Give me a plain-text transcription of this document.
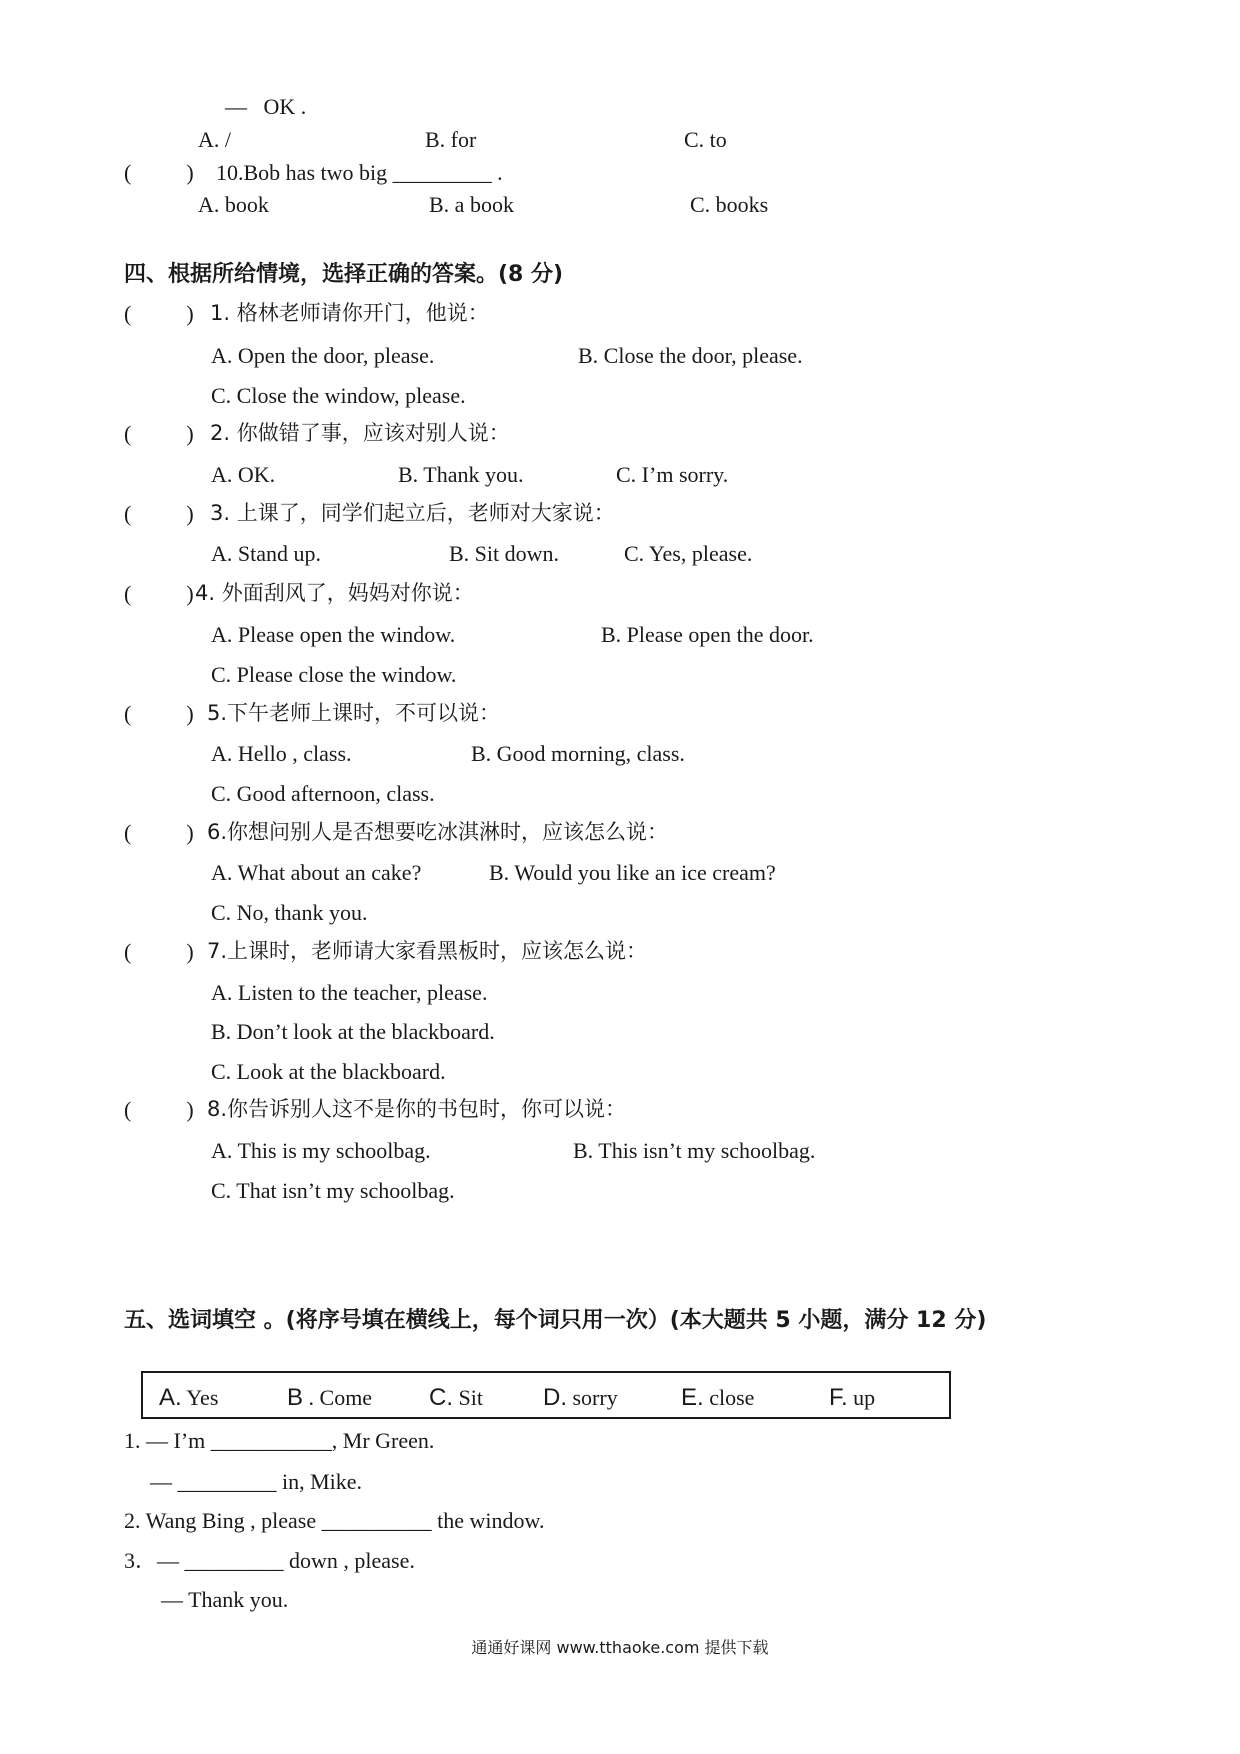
—   OK .
A. /	B. for	C. to
(          ) 10.Bob has two big _________ .
A. book	B. a book	C. books
四、根据所给情境，选择正确的答案。(8 分)
(          ) 1. 格林老师请你开门，他说：
A. Open the door, please.	B. Close the door, please.
C. Close the window, please.
(          ) 2. 你做错了事，应该对别人说：
A. OK.	B. Thank you.	C. I’m sorry.
(          ) 3. 上课了，同学们起立后，老师对大家说：
A. Stand up.	B. Sit down.	C. Yes, please.
(          ) 4. 外面刮风了，妈妈对你说：
A. Please open the window.	B. Please open the door.
C. Please close the window.
(          ) 5.下午老师上课时，不可以说：
A. Hello , class.	B. Good morning, class.
C. Good afternoon, class.
(          ) 6.你想问别人是否想要吃冰淇淋时，应该怎么说：
A. What about an cake?	B. Would you like an ice cream?
C. No, thank you.
(          ) 7.上课时，老师请大家看黑板时，应该怎么说：
A. Listen to the teacher, please.
B. Don’t look at the blackboard.
C. Look at the blackboard.
(          ) 8.你告诉别人这不是你的书包时，你可以说：
A. This is my schoolbag.	B. This isn’t my schoolbag.
C. That isn’t my schoolbag.
五、选词填空 。(将序号填在横线上，每个词只用一次）(本大题共 5 小题，满分 12 分)
A. Yes	B . Come C. Sit	D. sorry	E. close	F. up
1. — I’m ___________, Mr Green.
— _________ in, Mike.
2. Wang Bing , please __________ the window.
3．— _________ down , please.
— Thank you.
通通好课网 www.tthaoke.com 提供下载
